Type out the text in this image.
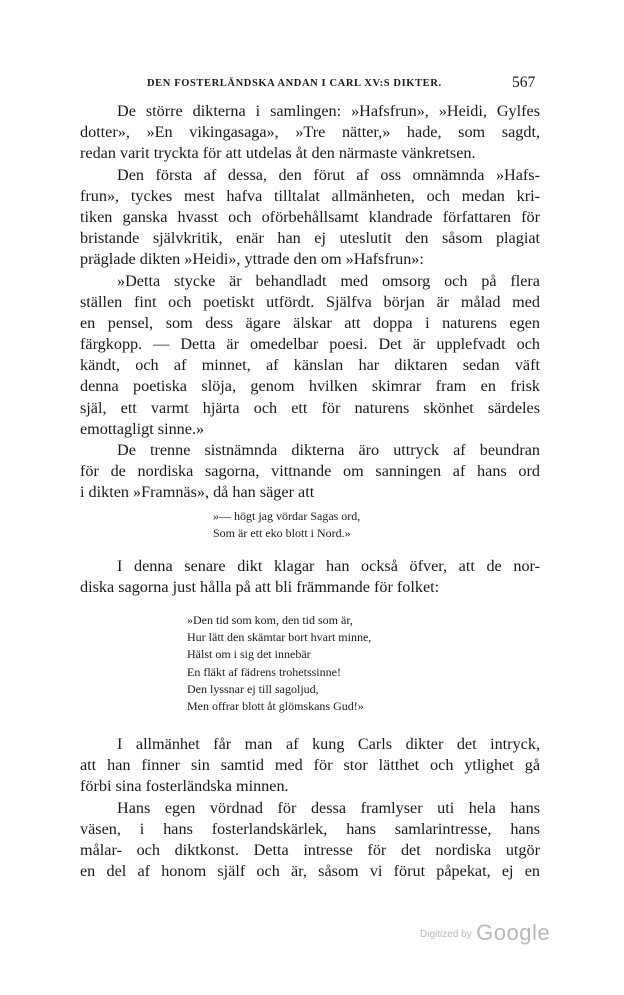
DEN FOSTERLÄNDSKA ANDAN I CARL XV:S DIKTER.	567
De större dikterna i samlingen: »Hafsfrun», »Heidi, Gylfes
dotter», »En vikingasaga», »Tre nätter,» hade, som sagdt,
redan varit tryckta för att utdelas åt den närmaste vänkretsen.
Den första af dessa, den förut af oss omnämnda »Hafs-
frun», tyckes mest hafva tilltalat allmänheten, och medan kri-
tiken ganska hvasst och oförbehållsamt klandrade författaren för
bristande självkritik, enär han ej uteslutit den såsom plagiat
präglade dikten »Heidi», yttrade den om »Hafsfrun»:
»Detta stycke är behandladt med omsorg och på flera
ställen fint och poetiskt utfördt. Själfva början är målad med
en pensel, som dess ägare älskar att doppa i naturens egen
färgkopp. — Detta är omedelbar poesi. Det är upplefvadt och
kändt, och af minnet, af känslan har diktaren sedan väft
denna poetiska slöja, genom hvilken skimrar fram en frisk
själ, ett varmt hjärta och ett för naturens skönhet särdeles
emottagligt sinne.»
De trenne sistnämnda dikterna äro uttryck af beundran
för de nordiska sagorna, vittnande om sanningen af hans ord
i dikten »Framnäs», då han säger att
»— högt jag vördar Sagas ord,
Som är ett eko blott i Nord.»
I denna senare dikt klagar han också öfver, att de nor-
diska sagorna just hålla på att bli främmande för folket:
»Den tid som kom, den tid som är,
Hur lätt den skämtar bort hvart minne,
Hälst om i sig det innebär
En fläkt af fädrens trohetssinne!
Den lyssnar ej till sagoljud,
Men offrar blott åt glömskans Gud!»
I allmänhet får man af kung Carls dikter det intryck,
att han finner sin samtid med för stor lätthet och ytlighet gå
förbi sina fosterländska minnen.
Hans egen vördnad för dessa framlyser uti hela hans
väsen, i hans fosterlandskärlek, hans samlarintresse, hans
målar- och diktkonst. Detta intresse för det nordiska utgör
en del af honom själf och är, såsom vi förut påpekat, ej en
Digitized by Google
